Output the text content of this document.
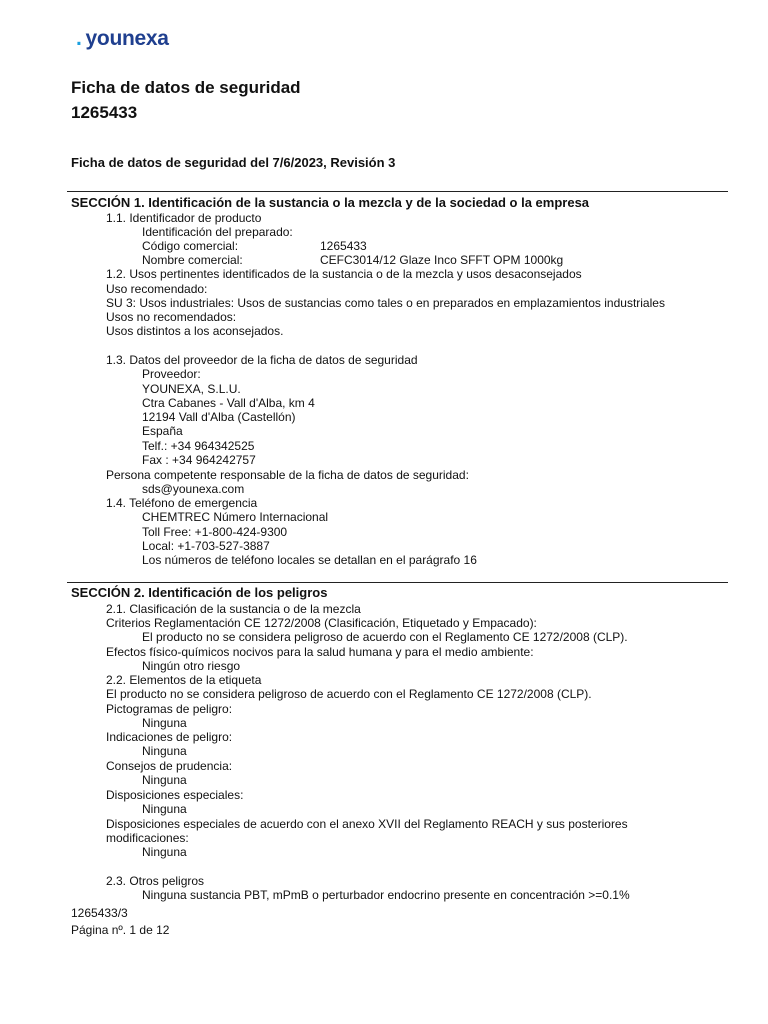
. younexa
Ficha de datos de seguridad
1265433
Ficha de datos de seguridad del 7/6/2023, Revisión 3
SECCIÓN 1. Identificación de la sustancia o la mezcla y de la sociedad o la empresa
1.1. Identificador de producto
Identificación del preparado:
Código comercial:	1265433
Nombre comercial:	CEFC3014/12 Glaze Inco SFFT OPM 1000kg
1.2. Usos pertinentes identificados de la sustancia o de la mezcla y usos desaconsejados
Uso recomendado:
SU 3: Usos industriales: Usos de sustancias como tales o en preparados en emplazamientos industriales
Usos no recomendados:
Usos distintos a los aconsejados.
1.3. Datos del proveedor de la ficha de datos de seguridad
Proveedor:
YOUNEXA, S.L.U.
Ctra Cabanes - Vall d'Alba, km 4
12194 Vall d'Alba (Castellón)
España
Telf.: +34 964342525
Fax : +34 964242757
Persona competente responsable de la ficha de datos de seguridad:
sds@younexa.com
1.4. Teléfono de emergencia
CHEMTREC Número Internacional
Toll Free: +1-800-424-9300
Local: +1-703-527-3887
Los números de teléfono locales se detallan en el parágrafo 16
SECCIÓN 2. Identificación de los peligros
2.1. Clasificación de la sustancia o de la mezcla
Criterios Reglamentación CE 1272/2008 (Clasificación, Etiquetado y Empacado):
El producto no se considera peligroso de acuerdo con el Reglamento CE 1272/2008 (CLP).
Efectos físico-químicos nocivos para la salud humana y para el medio ambiente:
Ningún otro riesgo
2.2. Elementos de la etiqueta
El producto no se considera peligroso de acuerdo con el Reglamento CE 1272/2008 (CLP).
Pictogramas de peligro:
Ninguna
Indicaciones de peligro:
Ninguna
Consejos de prudencia:
Ninguna
Disposiciones especiales:
Ninguna
Disposiciones especiales de acuerdo con el anexo XVII del Reglamento REACH y sus posteriores
modificaciones:
Ninguna
2.3. Otros peligros
Ninguna sustancia PBT, mPmB o perturbador endocrino presente en concentración >=0.1%
1265433/3
Página nº. 1 de 12
